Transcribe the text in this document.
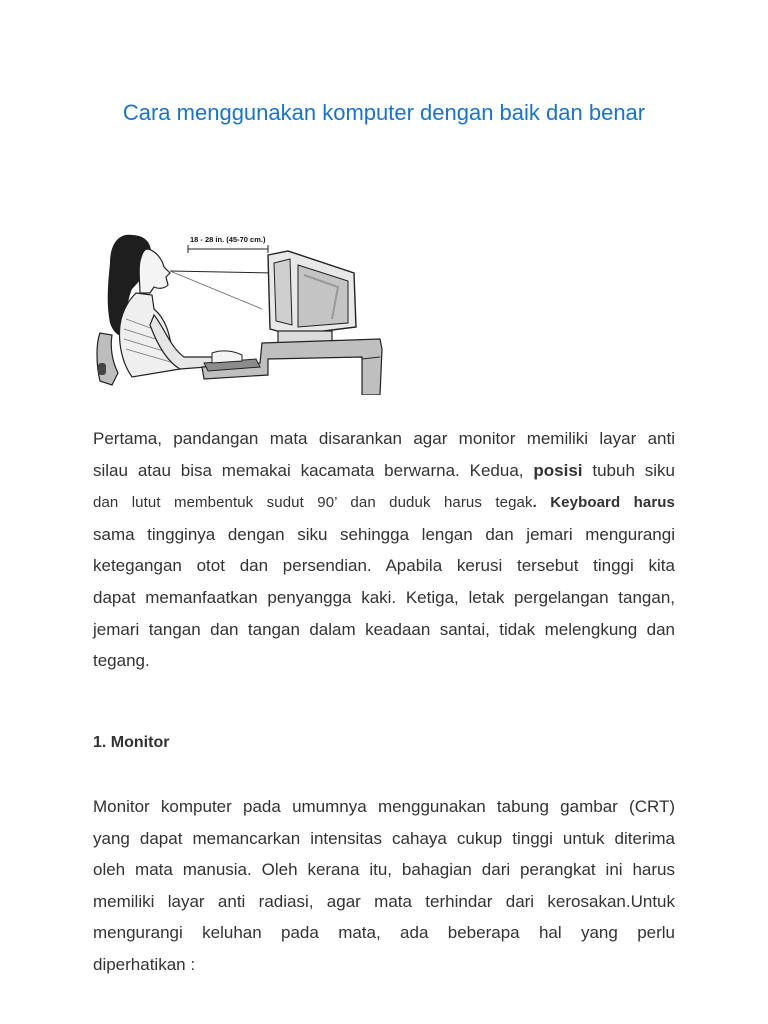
Cara menggunakan komputer dengan baik dan benar
18 - 28 in. (45-70 cm.)
Pertama, pandangan mata disarankan agar monitor memiliki layar anti
silau atau bisa memakai kacamata berwarna. Kedua, posisi tubuh siku
dan lutut membentuk sudut 90’ dan duduk harus tegak. Keyboard harus
sama tingginya dengan siku sehingga lengan dan jemari mengurangi
ketegangan otot dan persendian. Apabila kerusi tersebut tinggi kita
dapat memanfaatkan penyangga kaki. Ketiga, letak pergelangan tangan,
jemari tangan dan tangan dalam keadaan santai, tidak melengkung dan
tegang.
1. Monitor
Monitor komputer pada umumnya menggunakan tabung gambar (CRT)
yang dapat memancarkan intensitas cahaya cukup tinggi untuk diterima
oleh mata manusia. Oleh kerana itu, bahagian dari perangkat ini harus
memiliki layar anti radiasi, agar mata terhindar dari kerosakan.Untuk
mengurangi keluhan pada mata, ada beberapa hal yang perlu
diperhatikan :
